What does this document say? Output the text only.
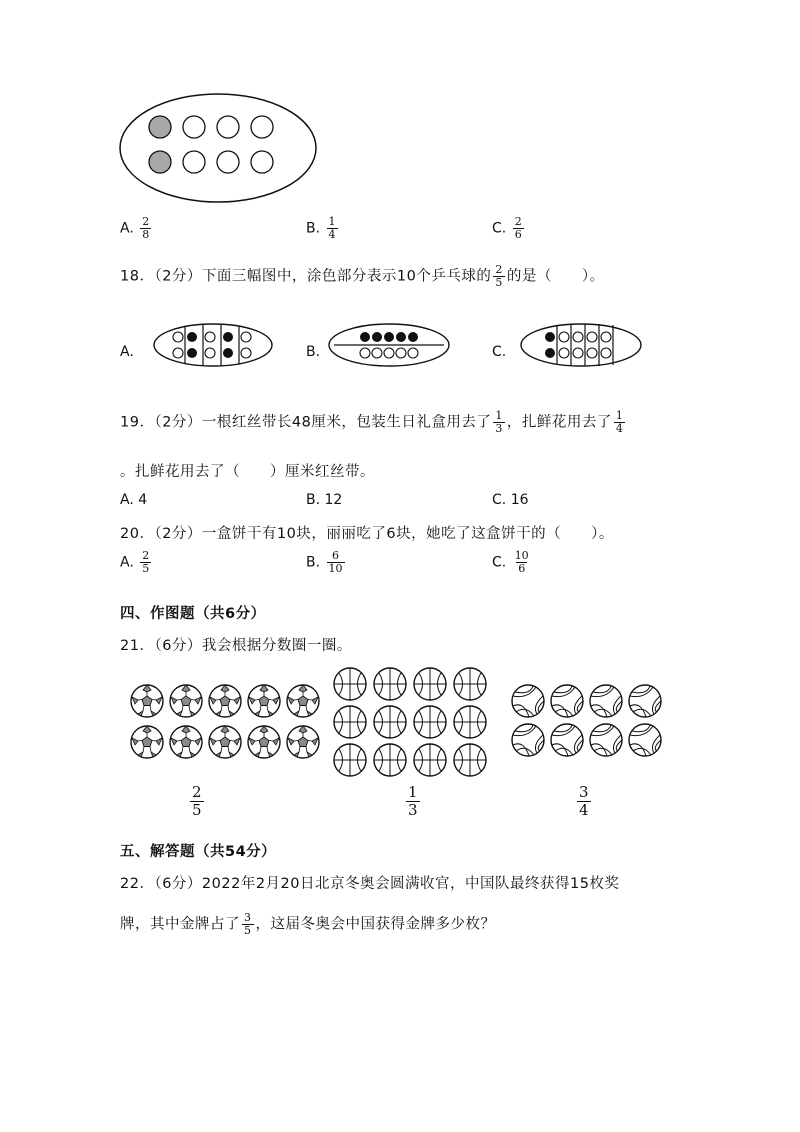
A. $\frac{2}{8}$	B. $\frac{1}{4}$	C. $\frac{2}{6}$
18．（2分）下面三幅图中，涂色部分表示10个乒乓球的 $\frac{2}{5}$ 的是（　　）。
A.	B.	C.
19．（2分）一根红丝带长48厘米，包装生日礼盒用去了 $\frac{1}{3}$ ，扎鲜花用去了 $\frac{1}{4}$
。扎鲜花用去了（　　）厘米红丝带。
A. 4	B. 12	C. 16
20．（2分）一盒饼干有10块，丽丽吃了6块，她吃了这盒饼干的（　　）。
A. $\frac{2}{5}$	B. $\frac{6}{10}$	C. $\frac{10}{6}$
四、作图题（共6分）
21．（6分）我会根据分数圈一圈。
$\frac{2}{5}$	$\frac{1}{3}$	$\frac{3}{4}$
五、解答题（共54分）
22．（6分）2022年2月20日北京冬奥会圆满收官，中国队最终获得15枚奖
牌，其中金牌占了 $\frac{3}{5}$ ，这届冬奥会中国获得金牌多少枚？
